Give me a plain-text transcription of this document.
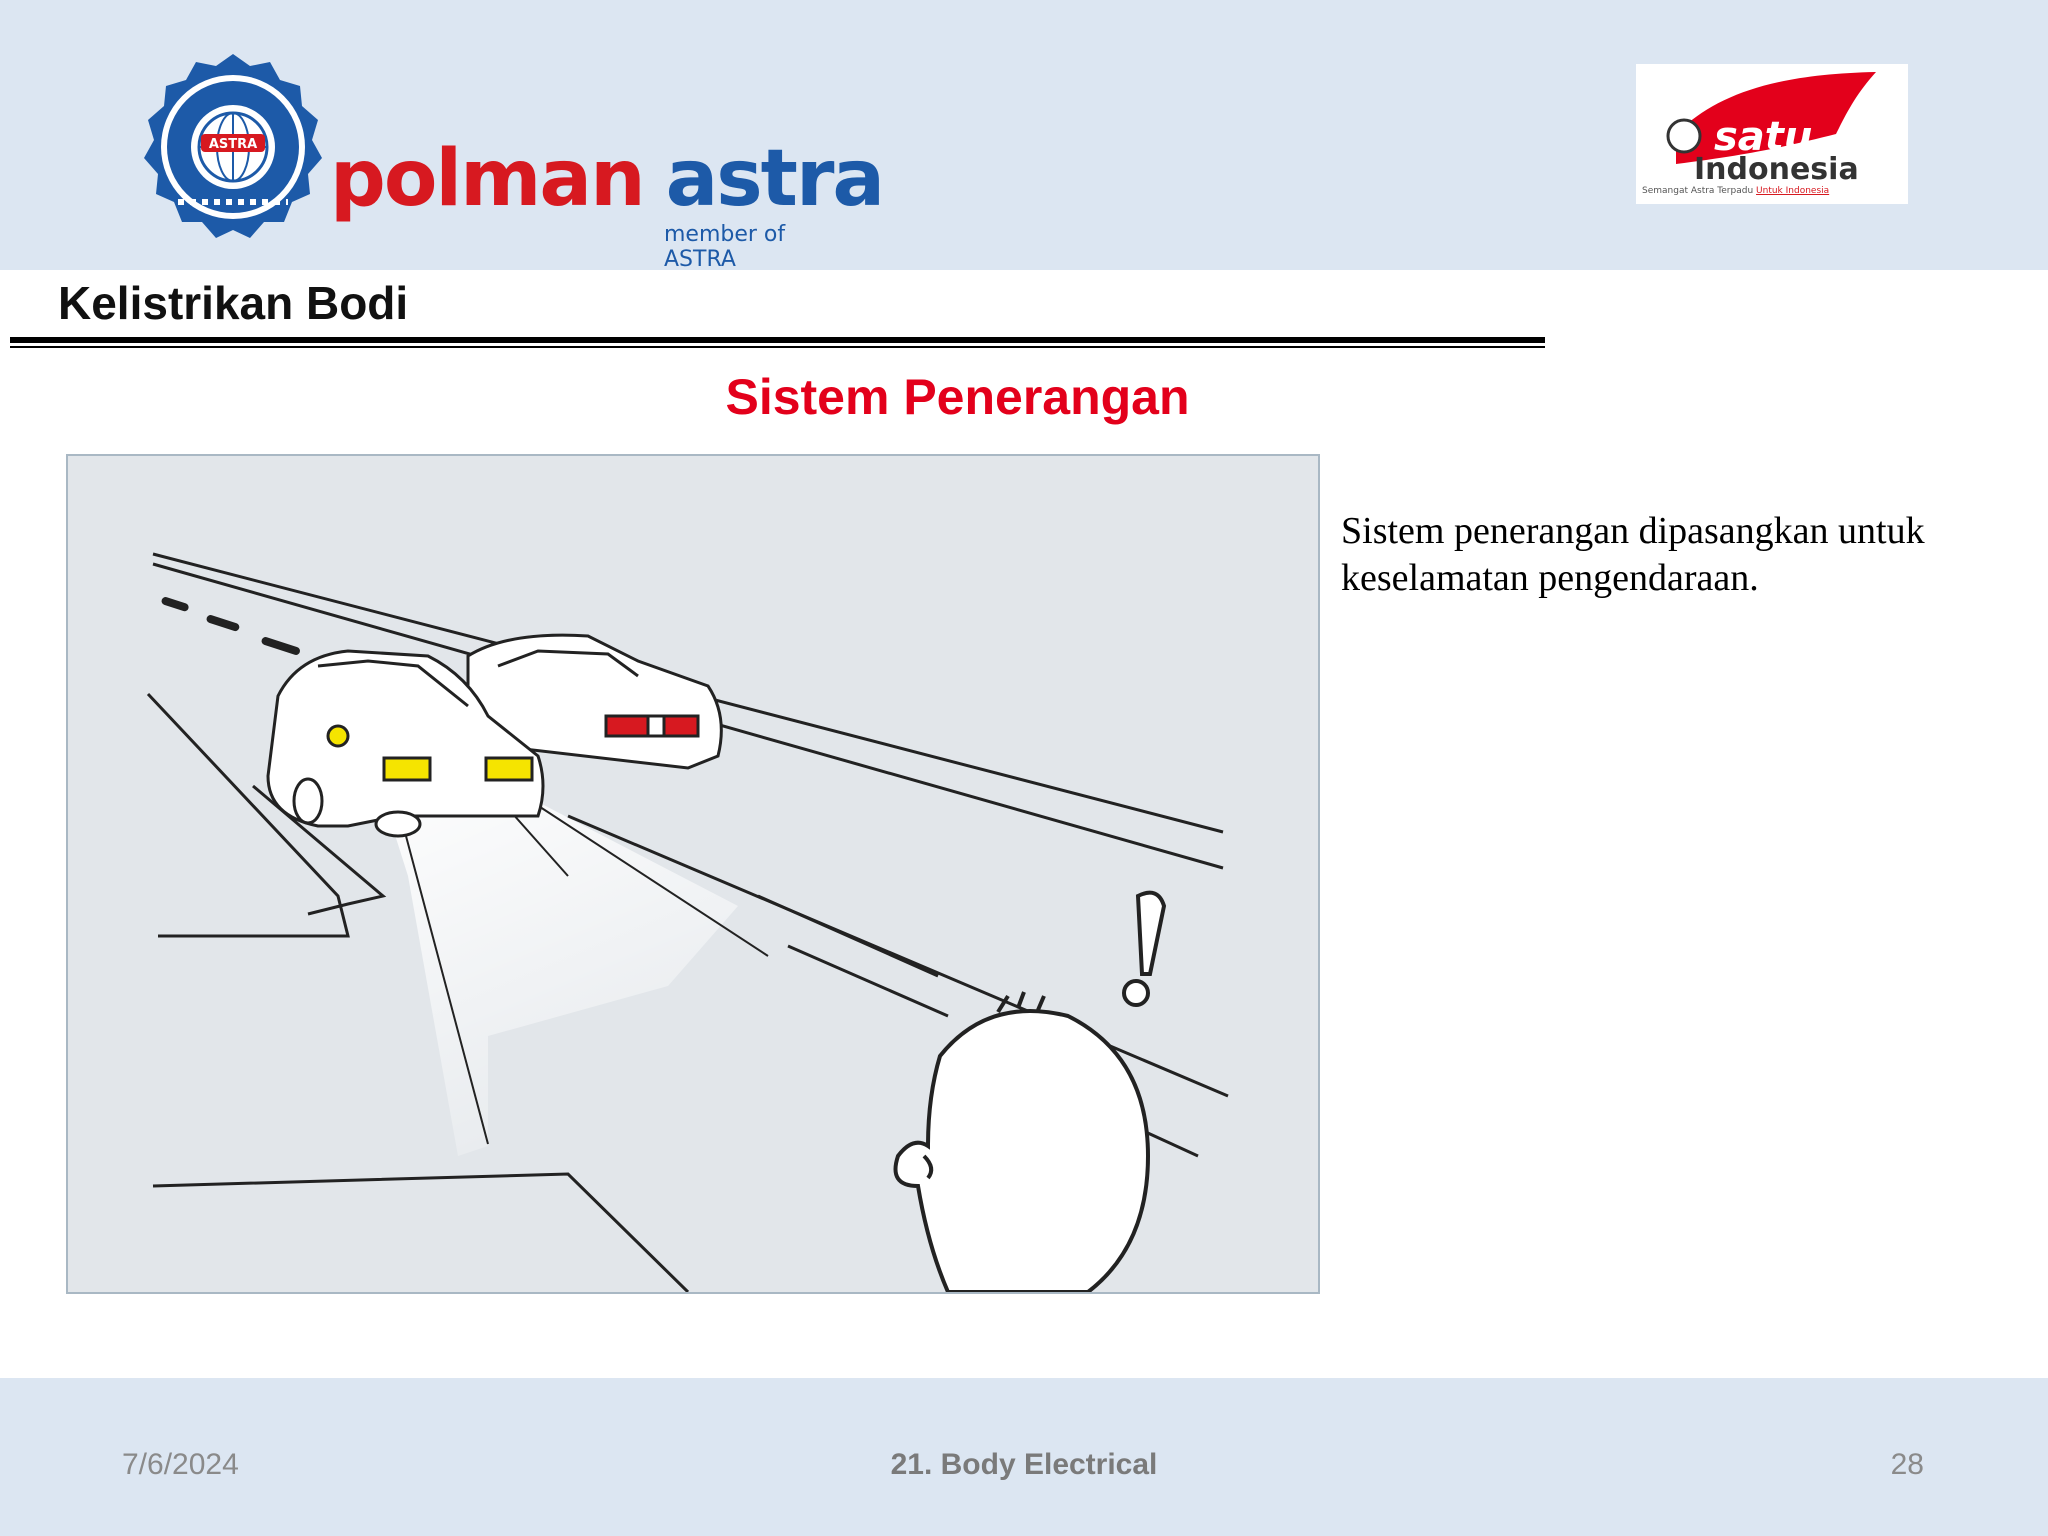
ASTRA polman astra
member of ASTRA
satu
Indonesia
Semangat Astra Terpadu Untuk Indonesia
Kelistrikan Bodi
Sistem Penerangan
Sistem penerangan dipasangkan untuk keselamatan pengendaraan.
7/6/2024	21. Body Electrical	28
